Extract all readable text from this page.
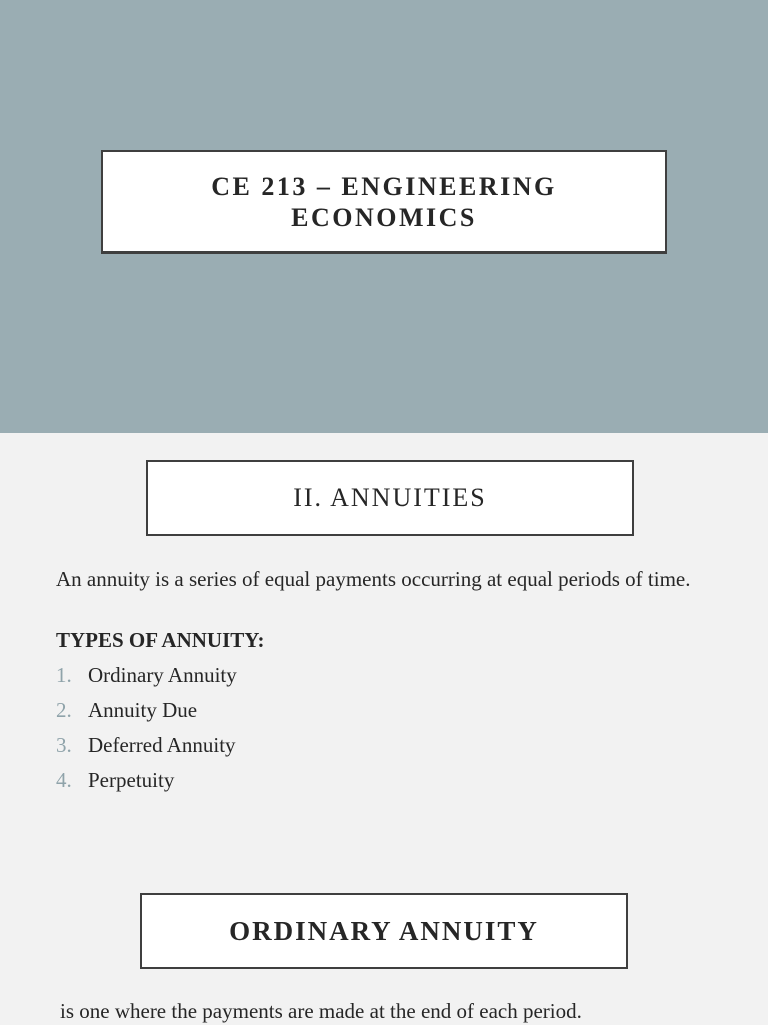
CE 213 – ENGINEERING ECONOMICS
II. ANNUITIES
An annuity is a series of equal payments occurring at equal periods of time.
TYPES OF ANNUITY:
1. Ordinary Annuity
2. Annuity Due
3. Deferred Annuity
4. Perpetuity
ORDINARY ANNUITY
is one where the payments are made at the end of each period.
